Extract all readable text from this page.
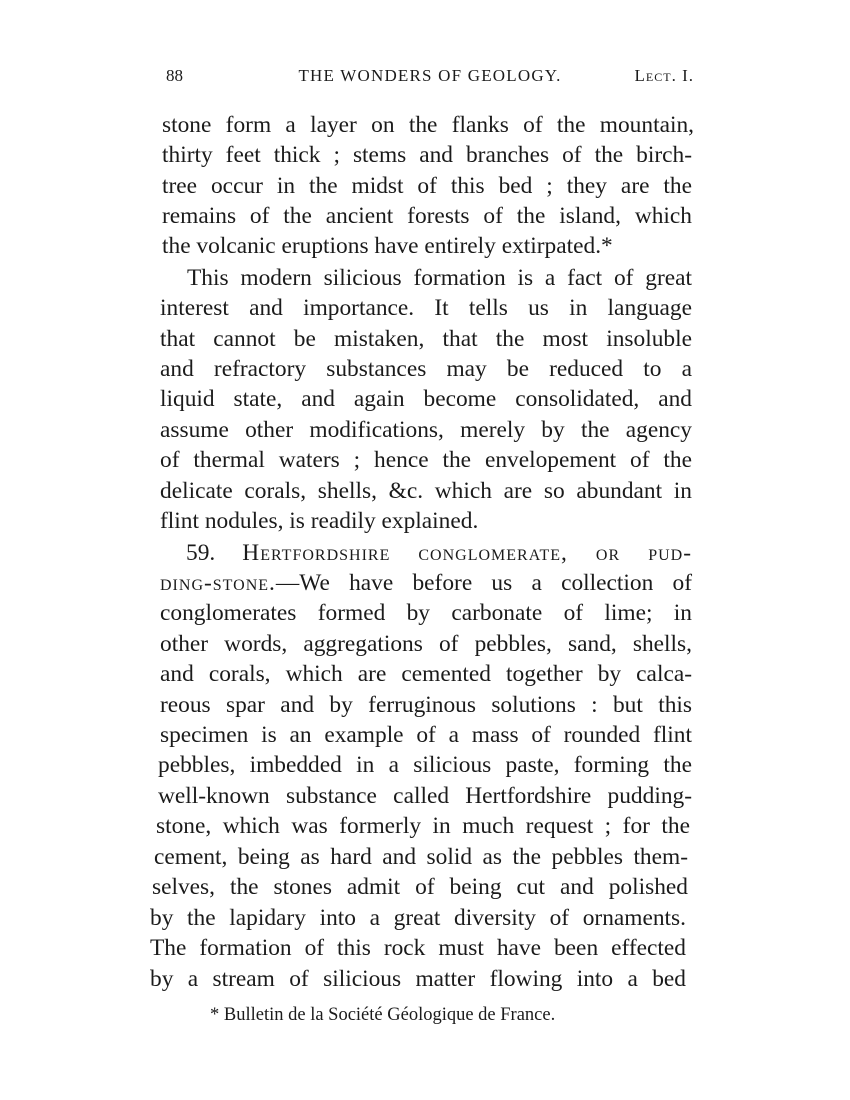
88	THE WONDERS OF GEOLOGY.	Lect. I.
stone form a layer on the flanks of the mountain,
thirty feet thick ; stems and branches of the birch-
tree occur in the midst of this bed ; they are the
remains of the ancient forests of the island, which
the volcanic eruptions have entirely extirpated.*
This modern silicious formation is a fact of great
interest and importance. It tells us in language
that cannot be mistaken, that the most insoluble
and refractory substances may be reduced to a
liquid state, and again become consolidated, and
assume other modifications, merely by the agency
of thermal waters ; hence the envelopement of the
delicate corals, shells, &c. which are so abundant in
flint nodules, is readily explained.
59. Hertfordshire conglomerate, or pud-
ding-stone.—We have before us a collection of
conglomerates formed by carbonate of lime; in
other words, aggregations of pebbles, sand, shells,
and corals, which are cemented together by calca-
reous spar and by ferruginous solutions : but this
specimen is an example of a mass of rounded flint
pebbles, imbedded in a silicious paste, forming the
well-known substance called Hertfordshire pudding-
stone, which was formerly in much request ; for the
cement, being as hard and solid as the pebbles them-
selves, the stones admit of being cut and polished
by the lapidary into a great diversity of ornaments.
The formation of this rock must have been effected
by a stream of silicious matter flowing into a bed
* Bulletin de la Société Géologique de France.
